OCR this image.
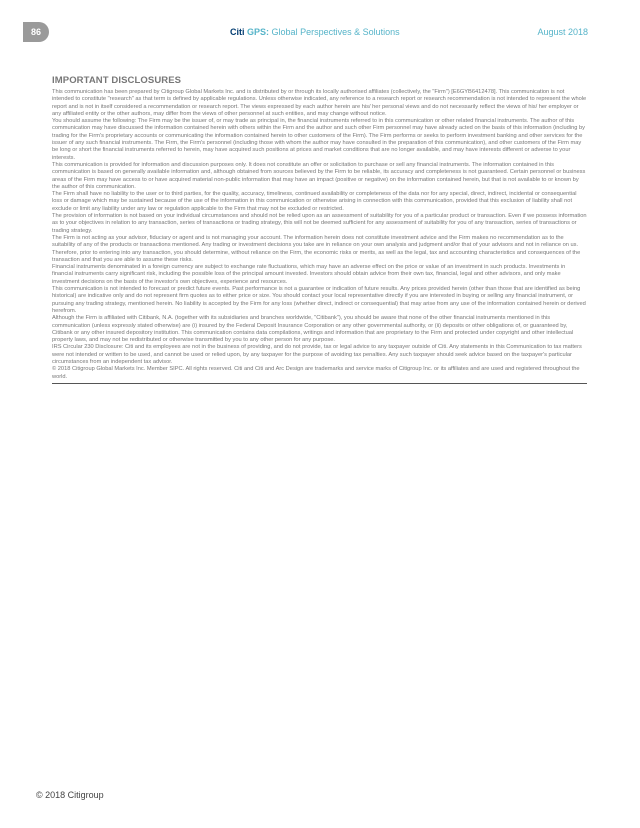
86	Citi GPS: Global Perspectives & Solutions	August 2018
IMPORTANT DISCLOSURES

This communication has been prepared by Citigroup Global Markets Inc. and is distributed by or through its locally authorised affiliates (collectively, the "Firm") [E6GYB6412478]. This communication is not intended to constitute "research" as that term is defined by applicable regulations. Unless otherwise indicated, any reference to a research report or research recommendation is not intended to represent the whole report and is not in itself considered a recommendation or research report. The views expressed by each author herein are his/ her personal views and do not necessarily reflect the views of his/ her employer or any affiliated entity or the other authors, may differ from the views of other personnel at such entities, and may change without notice.

You should assume the following: The Firm may be the issuer of, or may trade as principal in, the financial instruments referred to in this communication or other related financial instruments. The author of this communication may have discussed the information contained herein with others within the Firm and the author and such other Firm personnel may have already acted on the basis of this information (including by trading for the Firm's proprietary accounts or communicating the information contained herein to other customers of the Firm). The Firm performs or seeks to perform investment banking and other services for the issuer of any such financial instruments. The Firm, the Firm's personnel (including those with whom the author may have consulted in the preparation of this communication), and other customers of the Firm may be long or short the financial instruments referred to herein, may have acquired such positions at prices and market conditions that are no longer available, and may have interests different or adverse to your interests.

This communication is provided for information and discussion purposes only. It does not constitute an offer or solicitation to purchase or sell any financial instruments. The information contained in this communication is based on generally available information and, although obtained from sources believed by the Firm to be reliable, its accuracy and completeness is not guaranteed. Certain personnel or business areas of the Firm may have access to or have acquired material non-public information that may have an impact (positive or negative) on the information contained herein, but that is not available to or known by the author of this communication.

The Firm shall have no liability to the user or to third parties, for the quality, accuracy, timeliness, continued availability or completeness of the data nor for any special, direct, indirect, incidental or consequential loss or damage which may be sustained because of the use of the information in this communication or otherwise arising in connection with this communication, provided that this exclusion of liability shall not exclude or limit any liability under any law or regulation applicable to the Firm that may not be excluded or restricted.

The provision of information is not based on your individual circumstances and should not be relied upon as an assessment of suitability for you of a particular product or transaction. Even if we possess information as to your objectives in relation to any transaction, series of transactions or trading strategy, this will not be deemed sufficient for any assessment of suitability for you of any transaction, series of transactions or trading strategy.

The Firm is not acting as your advisor, fiduciary or agent and is not managing your account. The information herein does not constitute investment advice and the Firm makes no recommendation as to the suitability of any of the products or transactions mentioned. Any trading or investment decisions you take are in reliance on your own analysis and judgment and/or that of your advisors and not in reliance on us. Therefore, prior to entering into any transaction, you should determine, without reliance on the Firm, the economic risks or merits, as well as the legal, tax and accounting characteristics and consequences of the transaction and that you are able to assume these risks.

Financial instruments denominated in a foreign currency are subject to exchange rate fluctuations, which may have an adverse effect on the price or value of an investment in such products. Investments in financial instruments carry significant risk, including the possible loss of the principal amount invested. Investors should obtain advice from their own tax, financial, legal and other advisors, and only make investment decisions on the basis of the investor's own objectives, experience and resources.

This communication is not intended to forecast or predict future events. Past performance is not a guarantee or indication of future results. Any prices provided herein (other than those that are identified as being historical) are indicative only and do not represent firm quotes as to either price or size. You should contact your local representative directly if you are interested in buying or selling any financial instrument, or pursuing any trading strategy, mentioned herein. No liability is accepted by the Firm for any loss (whether direct, indirect or consequential) that may arise from any use of the information contained herein or derived herefrom.

Although the Firm is affiliated with Citibank, N.A. (together with its subsidiaries and branches worldwide, "Citibank"), you should be aware that none of the other financial instruments mentioned in this communication (unless expressly stated otherwise) are (i) insured by the Federal Deposit Insurance Corporation or any other governmental authority, or (ii) deposits or other obligations of, or guaranteed by, Citibank or any other insured depository institution. This communication contains data compilations, writings and information that are proprietary to the Firm and protected under copyright and other intellectual property laws, and may not be redistributed or otherwise transmitted by you to any other person for any purpose.

IRS Circular 230 Disclosure: Citi and its employees are not in the business of providing, and do not provide, tax or legal advice to any taxpayer outside of Citi. Any statements in this Communication to tax matters were not intended or written to be used, and cannot be used or relied upon, by any taxpayer for the purpose of avoiding tax penalties. Any such taxpayer should seek advice based on the taxpayer's particular circumstances from an independent tax advisor.

© 2018 Citigroup Global Markets Inc. Member SIPC. All rights reserved. Citi and Citi and Arc Design are trademarks and service marks of Citigroup Inc. or its affiliates and are used and registered throughout the world.

© 2018 Citigroup
